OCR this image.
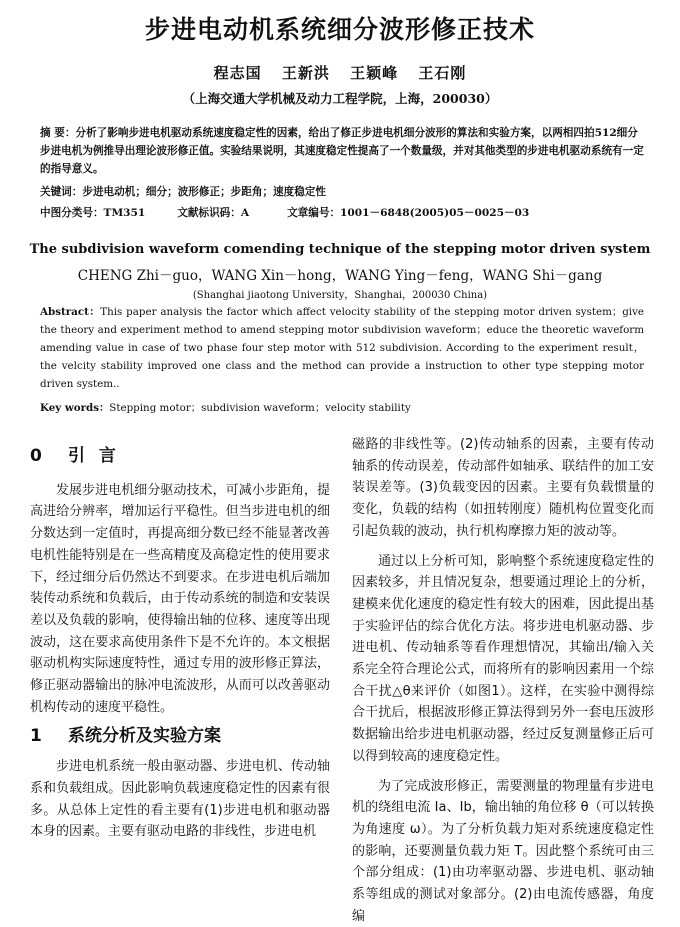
步进电动机系统细分波形修正技术
程志国 王新洪 王颖峰 王石刚
（上海交通大学机械及动力工程学院，上海，200030）
摘 要：分析了影响步进电机驱动系统速度稳定性的因素，给出了修正步进电机细分波形的算法和实验方案，以两相四拍512细分步进电机为例推导出理论波形修正值。实验结果说明，其速度稳定性提高了一个数量级，并对其他类型的步进电机驱动系统有一定的指导意义。
关键词：步进电动机；细分；波形修正；步距角；速度稳定性
中图分类号：TM351	文献标识码：A	文章编号：1001－6848(2005)05－0025－03
The subdivision waveform comending technique of the stepping motor driven system
CHENG Zhi－guo，WANG Xin－hong，WANG Ying－feng，WANG Shi－gang
(Shanghai jiaotong University，Shanghai，200030 China)
Abstract：This paper analysis the factor which affect velocity stability of the stepping motor driven system；give the theory and experiment method to amend stepping motor subdivision waveform；educe the theoretic waveform amending value in case of two phase four step motor with 512 subdivision. According to the experiment result，the velcity stability improved one class and the method can provide a instruction to other type stepping motor driven system..
Key words：Stepping motor；subdivision waveform；velocity stability
0 引 言

发展步进电机细分驱动技术，可减小步距角，提高进给分辨率，增加运行平稳性。但当步进电机的细分数达到一定值时，再提高细分数已经不能显著改善电机性能特别是在一些高精度及高稳定性的使用要求下，经过细分后仍然达不到要求。在步进电机后端加装传动系统和负载后，由于传动系统的制造和安装误差以及负载的影响，使得输出轴的位移、速度等出现波动，这在要求高使用条件下是不允许的。本文根据驱动机构实际速度特性，通过专用的波形修正算法，修正驱动器输出的脉冲电流波形，从而可以改善驱动机构传动的速度平稳性。

1 系统分析及实验方案

步进电机系统一般由驱动器、步进电机、传动轴系和负载组成。因此影响负载速度稳定性的因素有很多。从总体上定性的看主要有(1)步进电机和驱动器本身的因素。主要有驱动电路的非线性，步进电机

磁路的非线性等。(2)传动轴系的因素，主要有传动轴系的传动误差，传动部件如轴承、联结件的加工安装误差等。(3)负载变因的因素。主要有负载惯量的变化，负载的结构（如扭转刚度）随机构位置变化而引起负载的波动，执行机构摩擦力矩的波动等。

通过以上分析可知，影响整个系统速度稳定性的因素较多，并且情况复杂，想要通过理论上的分析，建模来优化速度的稳定性有较大的困难，因此提出基于实验评估的综合优化方法。将步进电机驱动器、步进电机、传动轴系等看作理想情况，其输出/输入关系完全符合理论公式，而将所有的影响因素用一个综合干扰△θ来评价（如图1）。这样，在实验中测得综合干扰后，根据波形修正算法得到另外一套电压波形数据输出给步进电机驱动器，经过反复测量修正后可以得到较高的速度稳定性。

为了完成波形修正，需要测量的物理量有步进电机的绕组电流 Ia、Ib，输出轴的角位移 θ（可以转换为角速度 ω）。为了分析负载力矩对系统速度稳定性的影响，还要测量负载力矩 T。因此整个系统可由三个部分组成：(1)由功率驱动器、步进电机、驱动轴系等组成的测试对象部分。(2)由电流传感器，角度编
